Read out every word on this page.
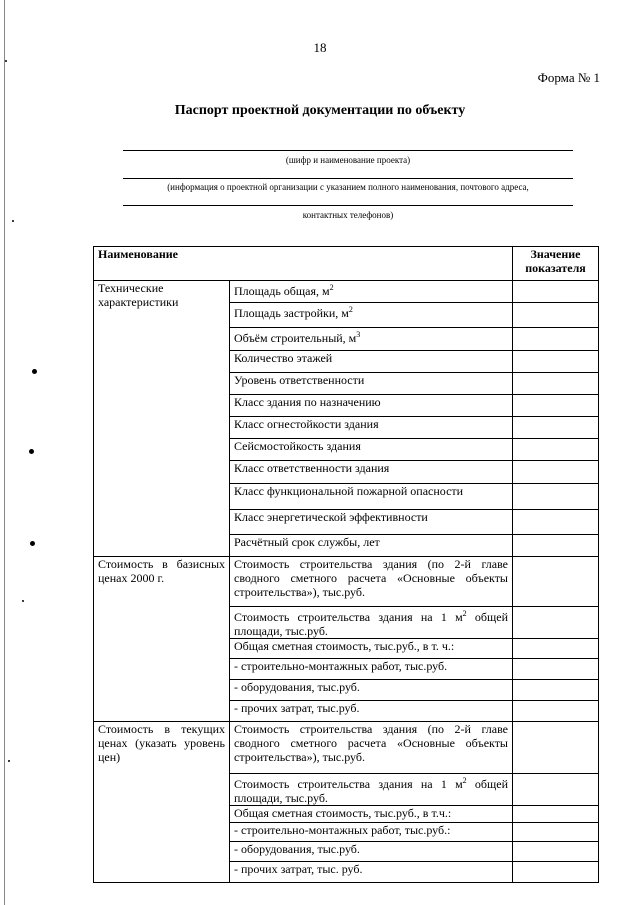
18
Форма № 1
Паспорт проектной документации по объекту
(шифр и наименование проекта)
(информация о проектной организации с указанием полного наименования, почтового адреса,
контактных телефонов)
Наименование		Значение показателя
Технические характеристики	Площадь общая, $м^2$	
	Площадь застройки, $м^2$	
	Объём строительный, $м^3$	
	Количество этажей	
	Уровень ответственности	
	Класс здания по назначению	
	Класс огнестойкости здания	
	Сейсмостойкость здания	
	Класс ответственности здания	
	Класс функциональной пожарной опасности	
	Класс энергетической эффективности	
	Расчётный срок службы, лет	
Стоимость в базисных ценах 2000 г.	Стоимость строительства здания (по 2-й главе сводного сметного расчета «Основные объекты строительства»), тыс.руб.	
	Стоимость строительства здания на 1 $м^2$ общей площади, тыс.руб.	
	Общая сметная стоимость, тыс.руб., в т. ч.:	
	- строительно-монтажных работ, тыс.руб.	
	- оборудования, тыс.руб.	
	- прочих затрат, тыс.руб.	
Стоимость в текущих ценах (указать уровень цен)	Стоимость строительства здания (по 2-й главе сводного сметного расчета «Основные объекты строительства»), тыс.руб.	
	Стоимость строительства здания на 1 $м^2$ общей площади, тыс.руб.	
	Общая сметная стоимость, тыс.руб., в т.ч.:	
	- строительно-монтажных работ, тыс.руб.:	
	- оборудования, тыс.руб.	
	- прочих затрат, тыс. руб.	
